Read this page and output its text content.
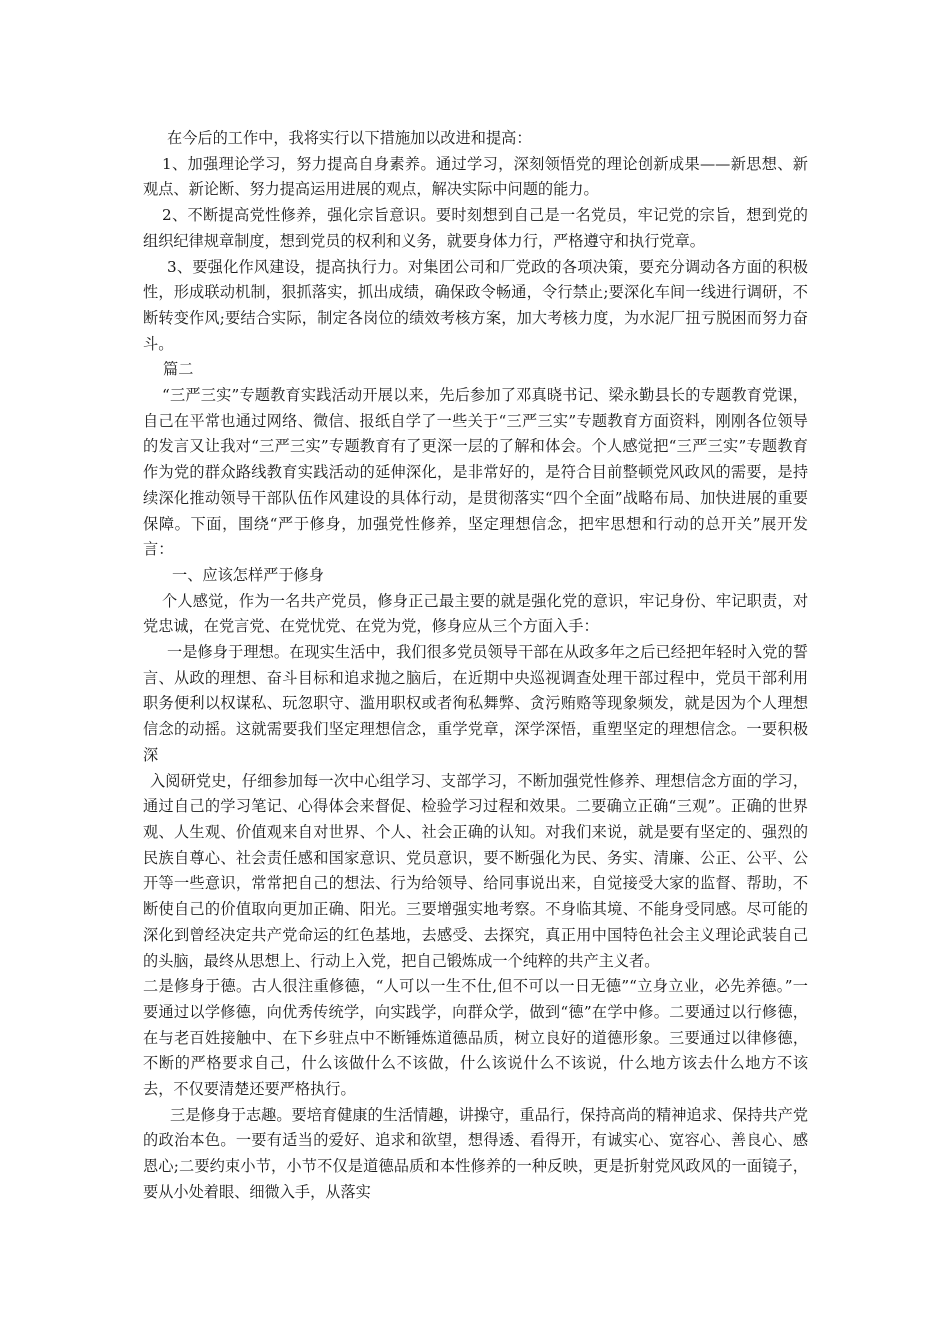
在今后的工作中，我将实行以下措施加以改进和提高：

1、加强理论学习，努力提高自身素养。通过学习，深刻领悟党的理论创新成果——新思想、新观点、新论断、努力提高运用进展的观点，解决实际中问题的能力。

2、不断提高党性修养，强化宗旨意识。要时刻想到自己是一名党员，牢记党的宗旨，想到党的组织纪律规章制度，想到党员的权利和义务，就要身体力行，严格遵守和执行党章。

3、要强化作风建设，提高执行力。对集团公司和厂党政的各项决策，要充分调动各方面的积极性，形成联动机制，狠抓落实，抓出成绩，确保政令畅通，令行禁止;要深化车间一线进行调研，不断转变作风;要结合实际，制定各岗位的绩效考核方案，加大考核力度，为水泥厂扭亏脱困而努力奋斗。

篇二

“三严三实”专题教育实践活动开展以来，先后参加了邓真晓书记、梁永勤县长的专题教育党课，自己在平常也通过网络、微信、报纸自学了一些关于“三严三实”专题教育方面资料，刚刚各位领导的发言又让我对“三严三实”专题教育有了更深一层的了解和体会。个人感觉把“三严三实”专题教育作为党的群众路线教育实践活动的延伸深化，是非常好的，是符合目前整顿党风政风的需要，是持续深化推动领导干部队伍作风建设的具体行动，是贯彻落实“四个全面”战略布局、加快进展的重要保障。下面，围绕“严于修身，加强党性修养，坚定理想信念，把牢思想和行动的总开关”展开发言：

一、应该怎样严于修身

个人感觉，作为一名共产党员，修身正己最主要的就是强化党的意识，牢记身份、牢记职责，对党忠诚，在党言党、在党忧党、在党为党，修身应从三个方面入手：

一是修身于理想。在现实生活中，我们很多党员领导干部在从政多年之后已经把年轻时入党的誓言、从政的理想、奋斗目标和追求抛之脑后，在近期中央巡视调查处理干部过程中，党员干部利用职务便利以权谋私、玩忽职守、滥用职权或者徇私舞弊、贪污贿赂等现象频发，就是因为个人理想信念的动摇。这就需要我们坚定理想信念，重学党章，深学深悟，重塑坚定的理想信念。一要积极深

入阅研党史，仔细参加每一次中心组学习、支部学习，不断加强党性修养、理想信念方面的学习，通过自己的学习笔记、心得体会来督促、检验学习过程和效果。二要确立正确“三观”。正确的世界观、人生观、价值观来自对世界、个人、社会正确的认知。对我们来说，就是要有坚定的、强烈的民族自尊心、社会责任感和国家意识、党员意识，要不断强化为民、务实、清廉、公正、公平、公开等一些意识，常常把自己的想法、行为给领导、给同事说出来，自觉接受大家的监督、帮助，不断使自己的价值取向更加正确、阳光。三要增强实地考察。不身临其境、不能身受同感。尽可能的深化到曾经决定共产党命运的红色基地，去感受、去探究，真正用中国特色社会主义理论武装自己的头脑，最终从思想上、行动上入党，把自己锻炼成一个纯粹的共产主义者。

二是修身于德。古人很注重修德，“人可以一生不仕,但不可以一日无德”“立身立业，必先养德。”一要通过以学修德，向优秀传统学，向实践学，向群众学，做到“德”在学中修。二要通过以行修德，在与老百姓接触中、在下乡驻点中不断锤炼道德品质，树立良好的道德形象。三要通过以律修德，不断的严格要求自己，什么该做什么不该做，什么该说什么不该说，什么地方该去什么地方不该去，不仅要清楚还要严格执行。

三是修身于志趣。要培育健康的生活情趣，讲操守，重品行，保持高尚的精神追求、保持共产党的政治本色。一要有适当的爱好、追求和欲望，想得透、看得开，有诚实心、宽容心、善良心、感恩心;二要约束小节，小节不仅是道德品质和本性修养的一种反映，更是折射党风政风的一面镜子，要从小处着眼、细微入手，从落实
